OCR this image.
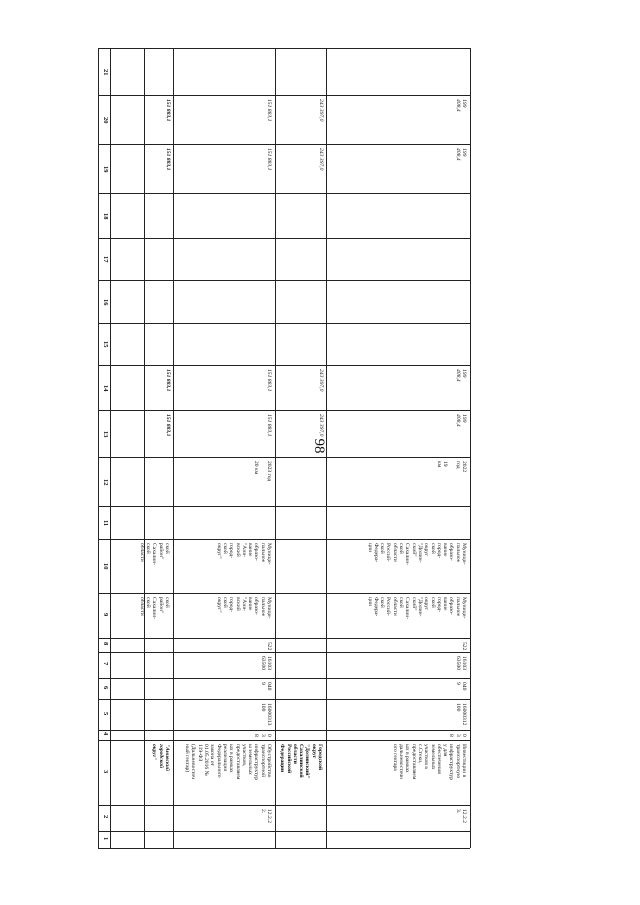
98
1
2
3
4
5
6
7
8
9
10
11
12
13
14
15
16
17
18
19
20
21
"Анивский
городской
округ"
ской
район"
Сахалин-
ской
области
ской
район"
Сахалин-
ской
области
151 883,1
151 883,1
151 883,1
151 883,1
12.2.2
2.
Обустройство
транспортной
инфраструктур
ы земельных
участков,
предоставляем
ых в рамках
реализации
Федерального
закона от
01.05.2016 №
119-ФЗ
(Дальневосточ
ный гектар)
0
3
8
16000313
100
040
9
16103
63500
522
Муници-
пальное
образо-
вание
"Ани-
вский
город-
ской
округ"
Муници-
пальное
образо-
вание
"Ани-
вский
город-
ской
округ"
2023 год

20 км
151 883,1
151 883,1
151 883,1
151 883,1
Городской
округ
"Долинский"
Сахалинской
области
Российской
Федерации
243 397,0
243 397,0
243 397,0
243 397,0
12.2.2
3.
Инвестиции в
транспортную
инфраструктур
у для
обеспечения
земельных
участков в
с.Стеки,
предоставляем
ых в рамках
дальневосточн
ого гектара
0
3
8
16000312
100
040
9
16103
63500
522
Муници-
пальное
образо-
вание
город-
ской
округ
"Долин-
ский"
Сахалин-
ской
области
Россий-
ской
Федера-
ции
Муници-
пальное
образо-
вание
город-
ской
округ
"Долин-
ский"
Сахалин-
ской
области
Россий-
ской
Федера-
ции
2022 год

19 км
199 408,4
199 408,4
199 408,4
199 408,4
